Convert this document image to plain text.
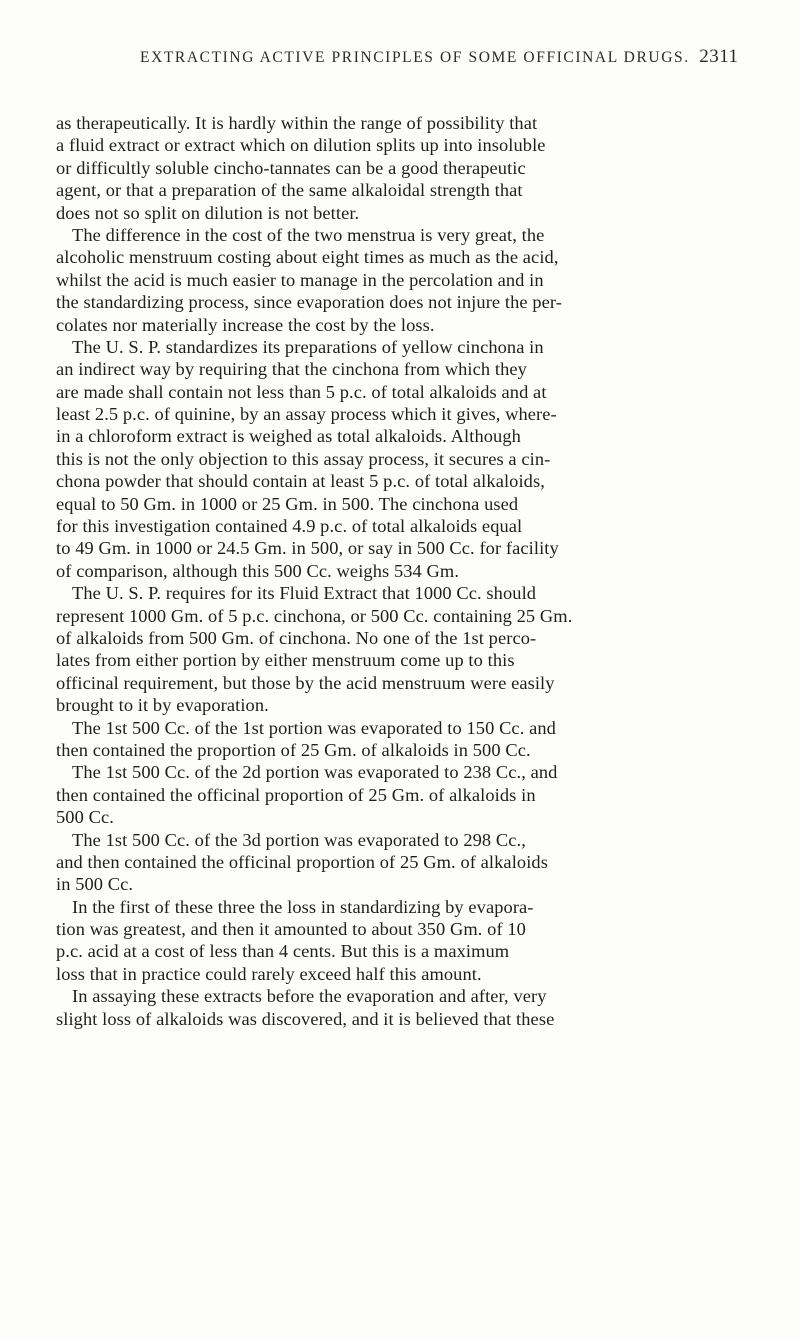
EXTRACTING ACTIVE PRINCIPLES OF SOME OFFICINAL DRUGS. 2311
as therapeutically. It is hardly within the range of possibility that
a fluid extract or extract which on dilution splits up into insoluble
or difficultly soluble cincho-tannates can be a good therapeutic
agent, or that a preparation of the same alkaloidal strength that
does not so split on dilution is not better.
The difference in the cost of the two menstrua is very great, the
alcoholic menstruum costing about eight times as much as the acid,
whilst the acid is much easier to manage in the percolation and in
the standardizing process, since evaporation does not injure the per-
colates nor materially increase the cost by the loss.
The U. S. P. standardizes its preparations of yellow cinchona in
an indirect way by requiring that the cinchona from which they
are made shall contain not less than 5 p.c. of total alkaloids and at
least 2.5 p.c. of quinine, by an assay process which it gives, where-
in a chloroform extract is weighed as total alkaloids. Although
this is not the only objection to this assay process, it secures a cin-
chona powder that should contain at least 5 p.c. of total alkaloids,
equal to 50 Gm. in 1000 or 25 Gm. in 500. The cinchona used
for this investigation contained 4.9 p.c. of total alkaloids equal
to 49 Gm. in 1000 or 24.5 Gm. in 500, or say in 500 Cc. for facility
of comparison, although this 500 Cc. weighs 534 Gm.
The U. S. P. requires for its Fluid Extract that 1000 Cc. should
represent 1000 Gm. of 5 p.c. cinchona, or 500 Cc. containing 25 Gm.
of alkaloids from 500 Gm. of cinchona. No one of the 1st perco-
lates from either portion by either menstruum come up to this
officinal requirement, but those by the acid menstruum were easily
brought to it by evaporation.
The 1st 500 Cc. of the 1st portion was evaporated to 150 Cc. and
then contained the proportion of 25 Gm. of alkaloids in 500 Cc.
The 1st 500 Cc. of the 2d portion was evaporated to 238 Cc., and
then contained the officinal proportion of 25 Gm. of alkaloids in
500 Cc.
The 1st 500 Cc. of the 3d portion was evaporated to 298 Cc.,
and then contained the officinal proportion of 25 Gm. of alkaloids
in 500 Cc.
In the first of these three the loss in standardizing by evapora-
tion was greatest, and then it amounted to about 350 Gm. of 10
p.c. acid at a cost of less than 4 cents. But this is a maximum
loss that in practice could rarely exceed half this amount.
In assaying these extracts before the evaporation and after, very
slight loss of alkaloids was discovered, and it is believed that these
